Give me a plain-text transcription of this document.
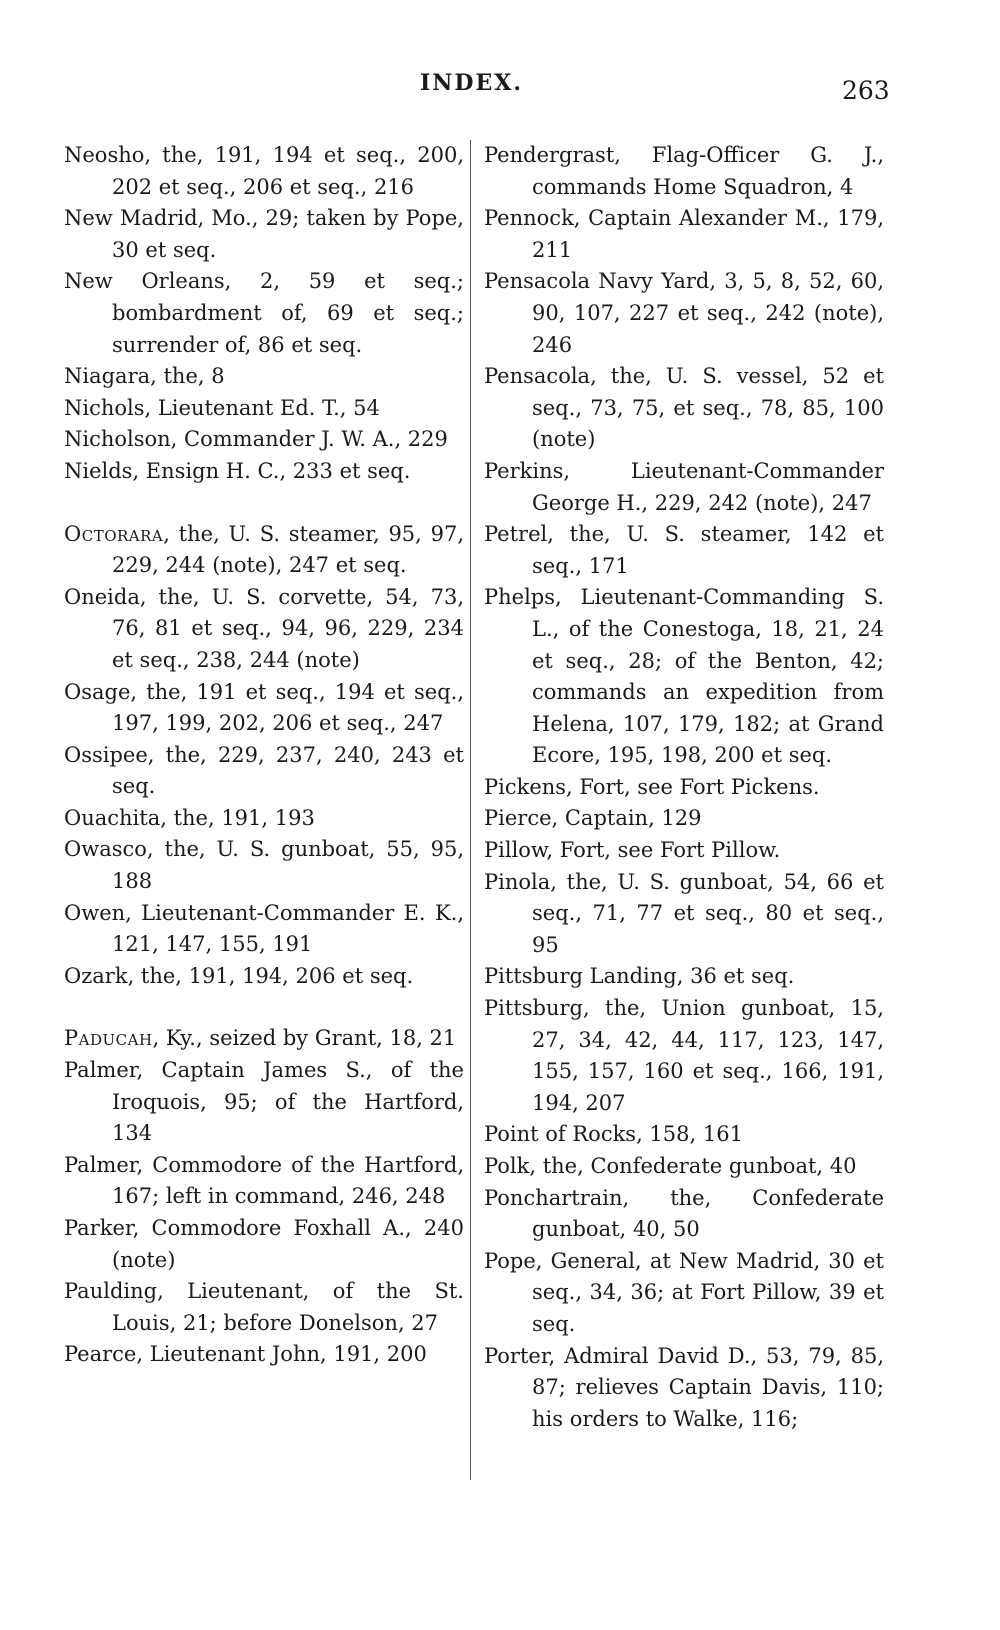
INDEX.	263

Neosho, the, 191, 194 et seq., 200, 202 et seq., 206 et seq., 216

New Madrid, Mo., 29; taken by Pope, 30 et seq.

New Orleans, 2, 59 et seq.; bombardment of, 69 et seq.; surrender of, 86 et seq.

Niagara, the, 8

Nichols, Lieutenant Ed. T., 54

Nicholson, Commander J. W. A., 229

Nields, Ensign H. C., 233 et seq.

Octorara, the, U. S. steamer, 95, 97, 229, 244 (note), 247 et seq.

Oneida, the, U. S. corvette, 54, 73, 76, 81 et seq., 94, 96, 229, 234 et seq., 238, 244 (note)

Osage, the, 191 et seq., 194 et seq., 197, 199, 202, 206 et seq., 247

Ossipee, the, 229, 237, 240, 243 et seq.

Ouachita, the, 191, 193

Owasco, the, U. S. gunboat, 55, 95, 188

Owen, Lieutenant-Commander E. K., 121, 147, 155, 191

Ozark, the, 191, 194, 206 et seq.

Paducah, Ky., seized by Grant, 18, 21

Palmer, Captain James S., of the Iroquois, 95; of the Hartford, 134

Palmer, Commodore of the Hartford, 167; left in command, 246, 248

Parker, Commodore Foxhall A., 240 (note)

Paulding, Lieutenant, of the St. Louis, 21; before Donelson, 27

Pearce, Lieutenant John, 191, 200

Pendergrast, Flag-Officer G. J., commands Home Squadron, 4

Pennock, Captain Alexander M., 179, 211

Pensacola Navy Yard, 3, 5, 8, 52, 60, 90, 107, 227 et seq., 242 (note), 246

Pensacola, the, U. S. vessel, 52 et seq., 73, 75, et seq., 78, 85, 100 (note)

Perkins, Lieutenant-Commander George H., 229, 242 (note), 247

Petrel, the, U. S. steamer, 142 et seq., 171

Phelps, Lieutenant-Commanding S. L., of the Conestoga, 18, 21, 24 et seq., 28; of the Benton, 42; commands an expedition from Helena, 107, 179, 182; at Grand Ecore, 195, 198, 200 et seq.

Pickens, Fort, see Fort Pickens.

Pierce, Captain, 129

Pillow, Fort, see Fort Pillow.

Pinola, the, U. S. gunboat, 54, 66 et seq., 71, 77 et seq., 80 et seq., 95

Pittsburg Landing, 36 et seq.

Pittsburg, the, Union gunboat, 15, 27, 34, 42, 44, 117, 123, 147, 155, 157, 160 et seq., 166, 191, 194, 207

Point of Rocks, 158, 161

Polk, the, Confederate gunboat, 40

Ponchartrain, the, Confederate gunboat, 40, 50

Pope, General, at New Madrid, 30 et seq., 34, 36; at Fort Pillow, 39 et seq.

Porter, Admiral David D., 53, 79, 85, 87; relieves Captain Davis, 110; his orders to Walke, 116;
